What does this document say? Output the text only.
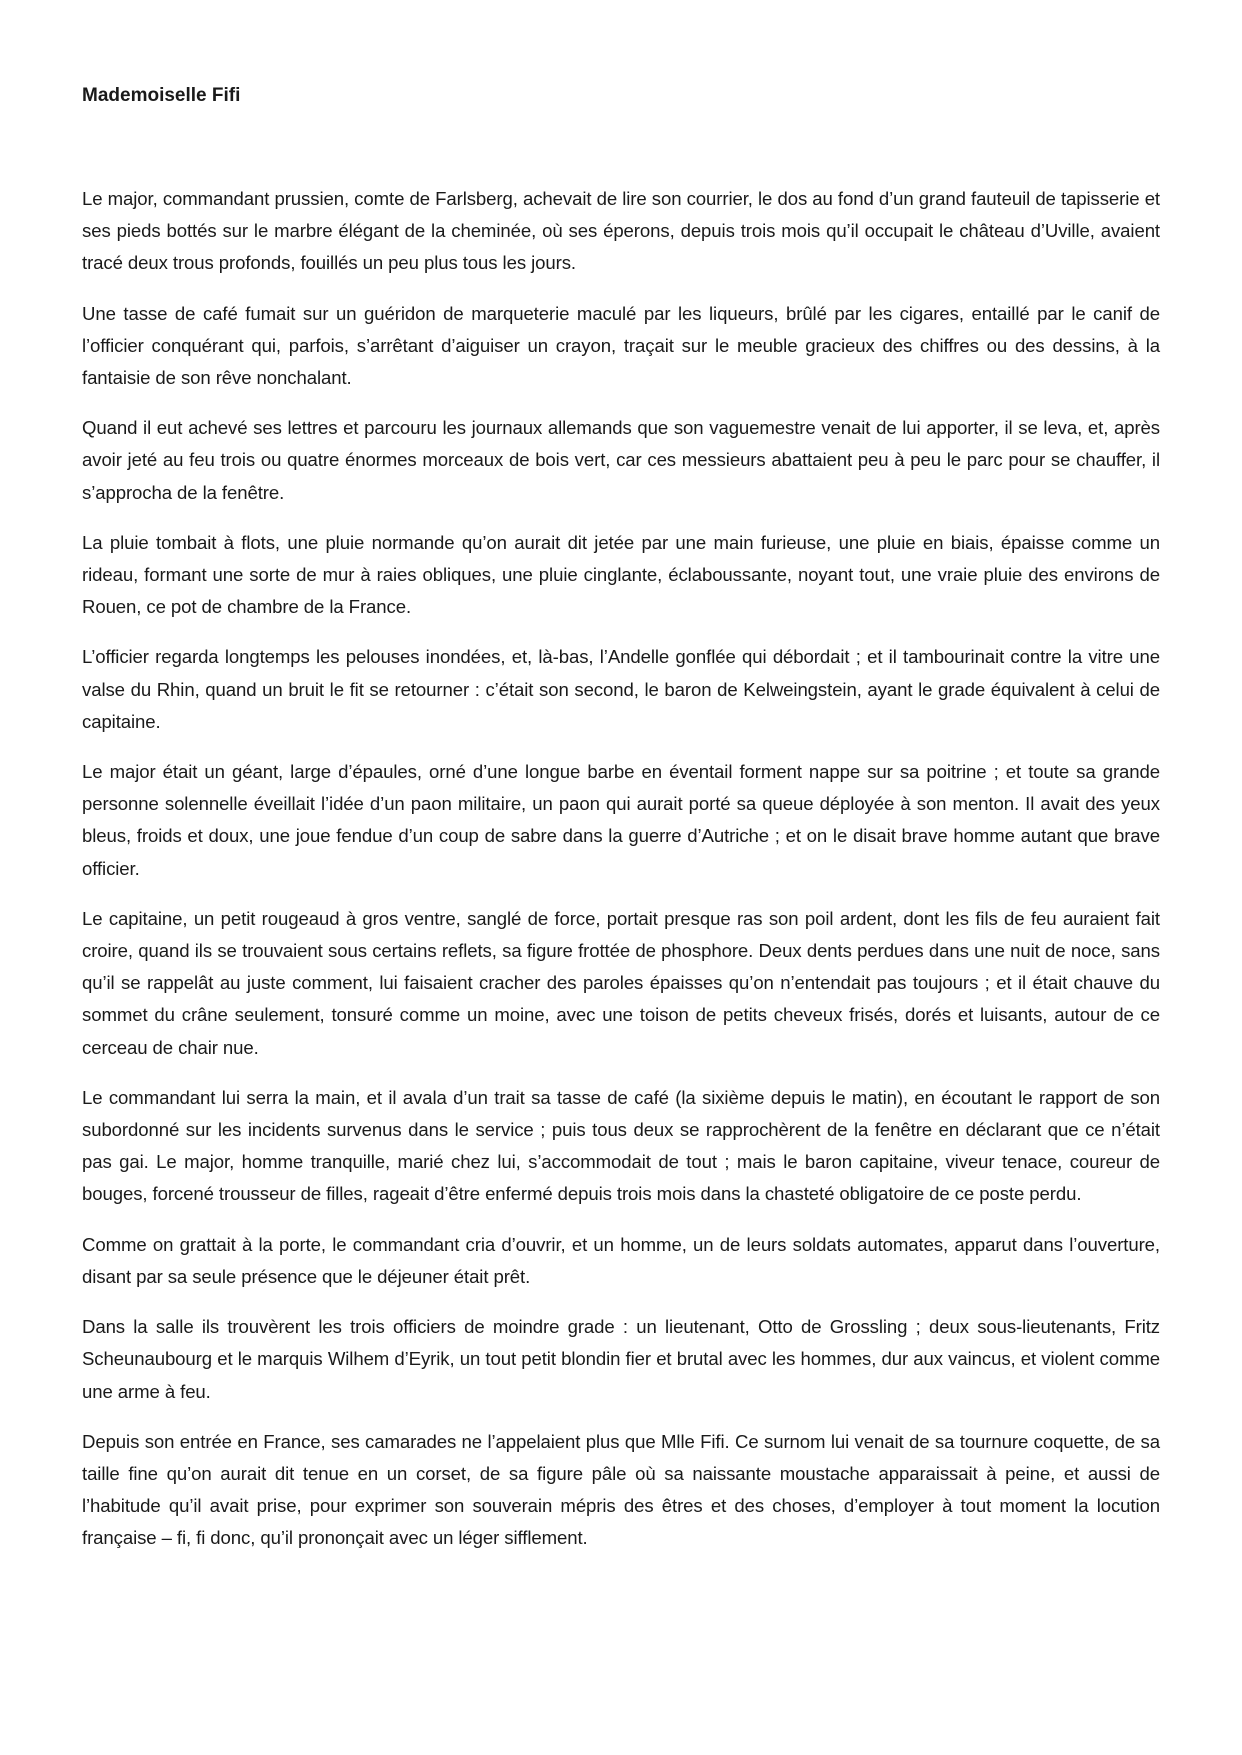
Mademoiselle Fifi

Le major, commandant prussien, comte de Farlsberg, achevait de lire son courrier, le dos au fond d’un grand fauteuil de tapisserie et ses pieds bottés sur le marbre élégant de la cheminée, où ses éperons, depuis trois mois qu’il occupait le château d’Uville, avaient tracé deux trous profonds, fouillés un peu plus tous les jours.

Une tasse de café fumait sur un guéridon de marqueterie maculé par les liqueurs, brûlé par les cigares, entaillé par le canif de l’officier conquérant qui, parfois, s’arrêtant d’aiguiser un crayon, traçait sur le meuble gracieux des chiffres ou des dessins, à la fantaisie de son rêve nonchalant.

Quand il eut achevé ses lettres et parcouru les journaux allemands que son vaguemestre venait de lui apporter, il se leva, et, après avoir jeté au feu trois ou quatre énormes morceaux de bois vert, car ces messieurs abattaient peu à peu le parc pour se chauffer, il s’approcha de la fenêtre.

La pluie tombait à flots, une pluie normande qu’on aurait dit jetée par une main furieuse, une pluie en biais, épaisse comme un rideau, formant une sorte de mur à raies obliques, une pluie cinglante, éclaboussante, noyant tout, une vraie pluie des environs de Rouen, ce pot de chambre de la France.

L’officier regarda longtemps les pelouses inondées, et, là-bas, l’Andelle gonflée qui débordait ; et il tambourinait contre la vitre une valse du Rhin, quand un bruit le fit se retourner : c’était son second, le baron de Kelweingstein, ayant le grade équivalent à celui de capitaine.

Le major était un géant, large d’épaules, orné d’une longue barbe en éventail forment nappe sur sa poitrine ; et toute sa grande personne solennelle éveillait l’idée d’un paon militaire, un paon qui aurait porté sa queue déployée à son menton. Il avait des yeux bleus, froids et doux, une joue fendue d’un coup de sabre dans la guerre d’Autriche ; et on le disait brave homme autant que brave officier.

Le capitaine, un petit rougeaud à gros ventre, sanglé de force, portait presque ras son poil ardent, dont les fils de feu auraient fait croire, quand ils se trouvaient sous certains reflets, sa figure frottée de phosphore. Deux dents perdues dans une nuit de noce, sans qu’il se rappelât au juste comment, lui faisaient cracher des paroles épaisses qu’on n’entendait pas toujours ; et il était chauve du sommet du crâne seulement, tonsuré comme un moine, avec une toison de petits cheveux frisés, dorés et luisants, autour de ce cerceau de chair nue.

Le commandant lui serra la main, et il avala d’un trait sa tasse de café (la sixième depuis le matin), en écoutant le rapport de son subordonné sur les incidents survenus dans le service ; puis tous deux se rapprochèrent de la fenêtre en déclarant que ce n’était pas gai. Le major, homme tranquille, marié chez lui, s’accommodait de tout ; mais le baron capitaine, viveur tenace, coureur de bouges, forcené trousseur de filles, rageait d’être enfermé depuis trois mois dans la chasteté obligatoire de ce poste perdu.

Comme on grattait à la porte, le commandant cria d’ouvrir, et un homme, un de leurs soldats automates, apparut dans l’ouverture, disant par sa seule présence que le déjeuner était prêt.

Dans la salle ils trouvèrent les trois officiers de moindre grade : un lieutenant, Otto de Grossling ; deux sous-lieutenants, Fritz Scheunaubourg et le marquis Wilhem d’Eyrik, un tout petit blondin fier et brutal avec les hommes, dur aux vaincus, et violent comme une arme à feu.

Depuis son entrée en France, ses camarades ne l’appelaient plus que Mlle Fifi. Ce surnom lui venait de sa tournure coquette, de sa taille fine qu’on aurait dit tenue en un corset, de sa figure pâle où sa naissante moustache apparaissait à peine, et aussi de l’habitude qu’il avait prise, pour exprimer son souverain mépris des êtres et des choses, d’employer à tout moment la locution française – fi, fi donc, qu’il prononçait avec un léger sifflement.
